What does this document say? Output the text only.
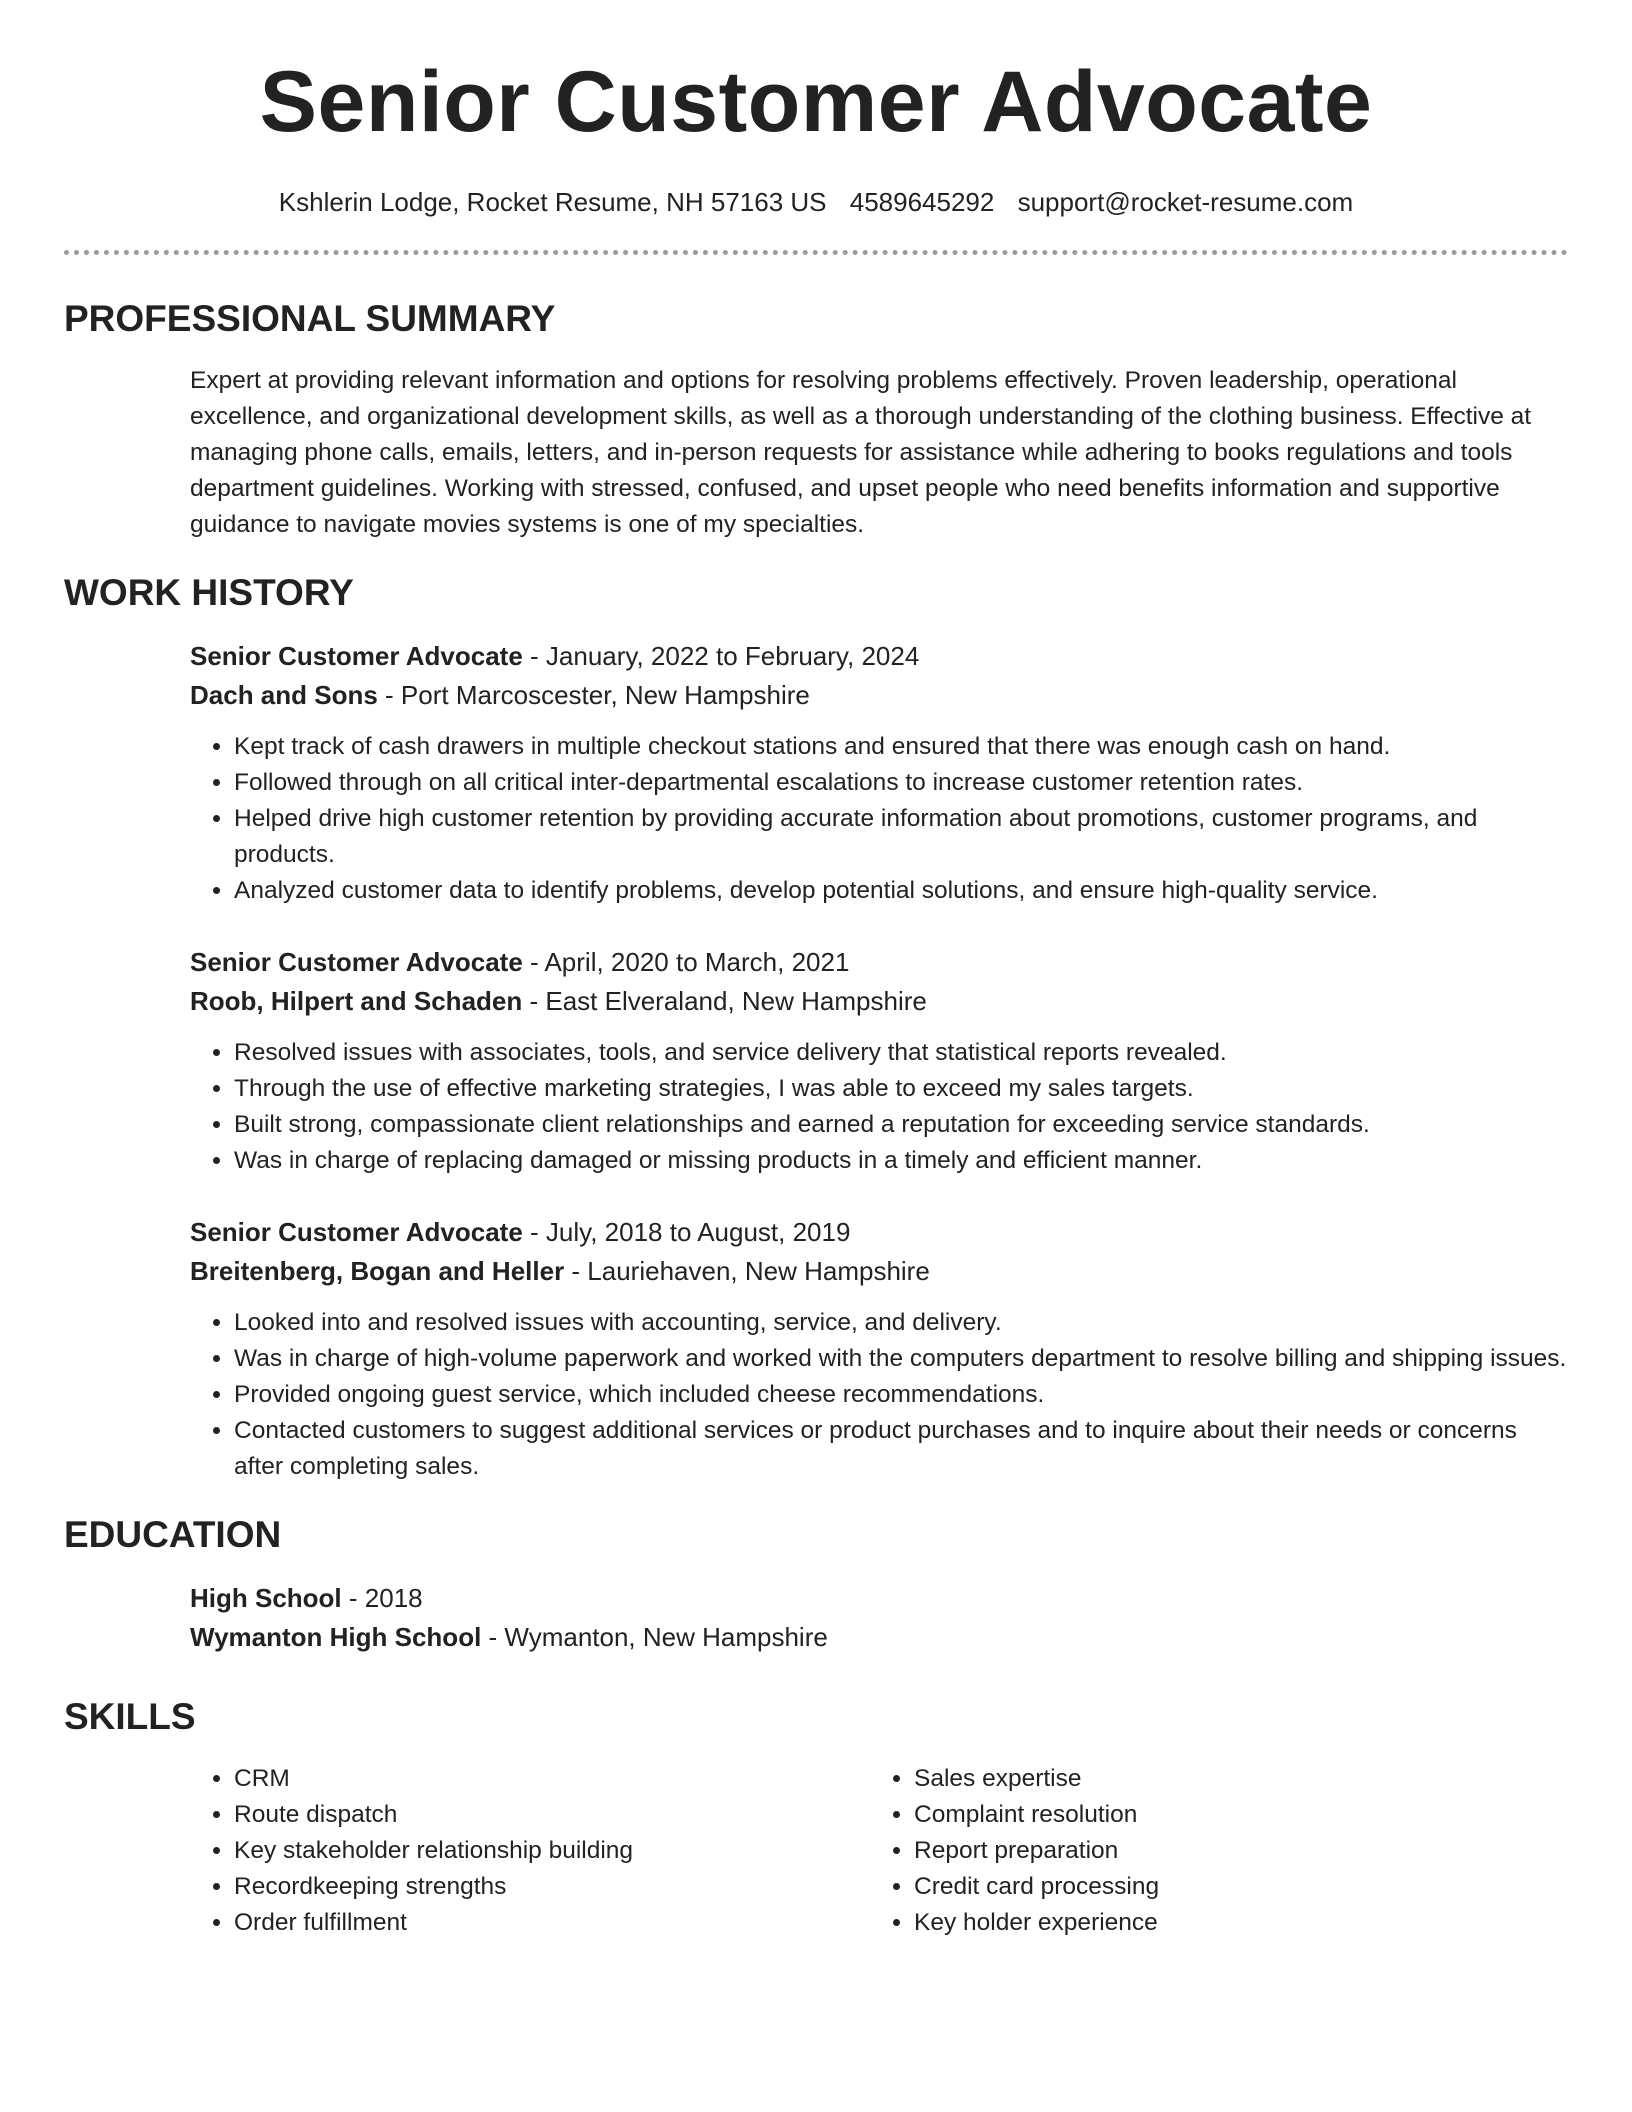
Senior Customer Advocate
Kshlerin Lodge, Rocket Resume, NH 57163 US 4589645292 support@rocket-resume.com
PROFESSIONAL SUMMARY

Expert at providing relevant information and options for resolving problems effectively. Proven leadership, operational excellence, and organizational development skills, as well as a thorough understanding of the clothing business. Effective at managing phone calls, emails, letters, and in-person requests for assistance while adhering to books regulations and tools department guidelines. Working with stressed, confused, and upset people who need benefits information and supportive guidance to navigate movies systems is one of my specialties.

WORK HISTORY
Senior Customer Advocate - January, 2022 to February, 2024
Dach and Sons - Port Marcoscester, New Hampshire
• Kept track of cash drawers in multiple checkout stations and ensured that there was enough cash on hand.
• Followed through on all critical inter-departmental escalations to increase customer retention rates.
• Helped drive high customer retention by providing accurate information about promotions, customer programs, and products.
• Analyzed customer data to identify problems, develop potential solutions, and ensure high-quality service.
Senior Customer Advocate - April, 2020 to March, 2021
Roob, Hilpert and Schaden - East Elveraland, New Hampshire
• Resolved issues with associates, tools, and service delivery that statistical reports revealed.
• Through the use of effective marketing strategies, I was able to exceed my sales targets.
• Built strong, compassionate client relationships and earned a reputation for exceeding service standards.
• Was in charge of replacing damaged or missing products in a timely and efficient manner.
Senior Customer Advocate - July, 2018 to August, 2019
Breitenberg, Bogan and Heller - Lauriehaven, New Hampshire
• Looked into and resolved issues with accounting, service, and delivery.
• Was in charge of high-volume paperwork and worked with the computers department to resolve billing and shipping issues.
• Provided ongoing guest service, which included cheese recommendations.
• Contacted customers to suggest additional services or product purchases and to inquire about their needs or concerns after completing sales.
EDUCATION
High School - 2018
Wymanton High School - Wymanton, New Hampshire
SKILLS
• CRM
• Route dispatch
• Key stakeholder relationship building
• Recordkeeping strengths
• Order fulfillment
• Sales expertise
• Complaint resolution
• Report preparation
• Credit card processing
• Key holder experience
